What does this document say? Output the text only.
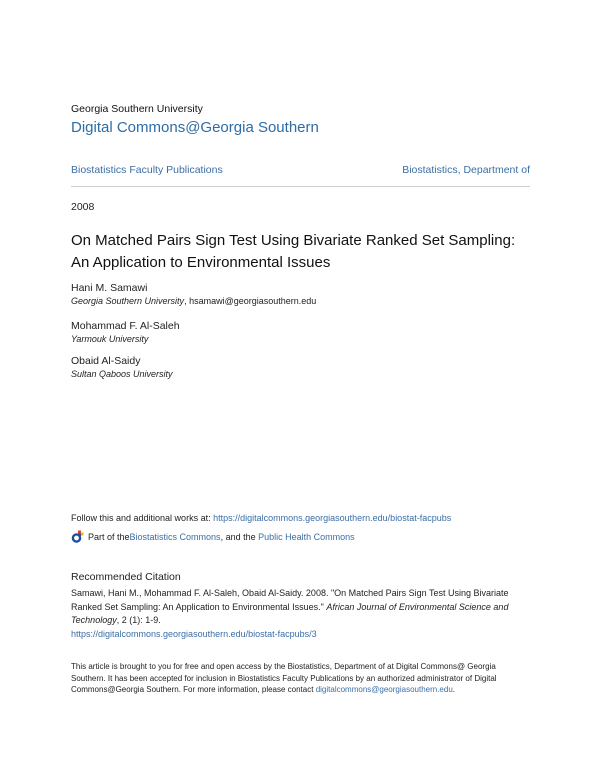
Georgia Southern University
Digital Commons@Georgia Southern
Biostatistics Faculty Publications	Biostatistics, Department of
2008
On Matched Pairs Sign Test Using Bivariate Ranked Set Sampling:
An Application to Environmental Issues
Hani M. Samawi
Georgia Southern University, hsamawi@georgiasouthern.edu
Mohammad F. Al-Saleh
Yarmouk University
Obaid Al-Saidy
Sultan Qaboos University
Follow this and additional works at: https://digitalcommons.georgiasouthern.edu/biostat-facpubs
Part of the Biostatistics Commons , and the Public Health Commons
Recommended Citation
Samawi, Hani M., Mohammad F. Al-Saleh, Obaid Al-Saidy. 2008. "On Matched Pairs Sign Test Using Bivariate Ranked Set Sampling: An Application to Environmental Issues." African Journal of Environmental Science and Technology, 2 (1): 1-9.
https://digitalcommons.georgiasouthern.edu/biostat-facpubs/3
This article is brought to you for free and open access by the Biostatistics, Department of at Digital Commons@ Georgia Southern. It has been accepted for inclusion in Biostatistics Faculty Publications by an authorized administrator of Digital Commons@Georgia Southern. For more information, please contact digitalcommons@georgiasouthern.edu.
